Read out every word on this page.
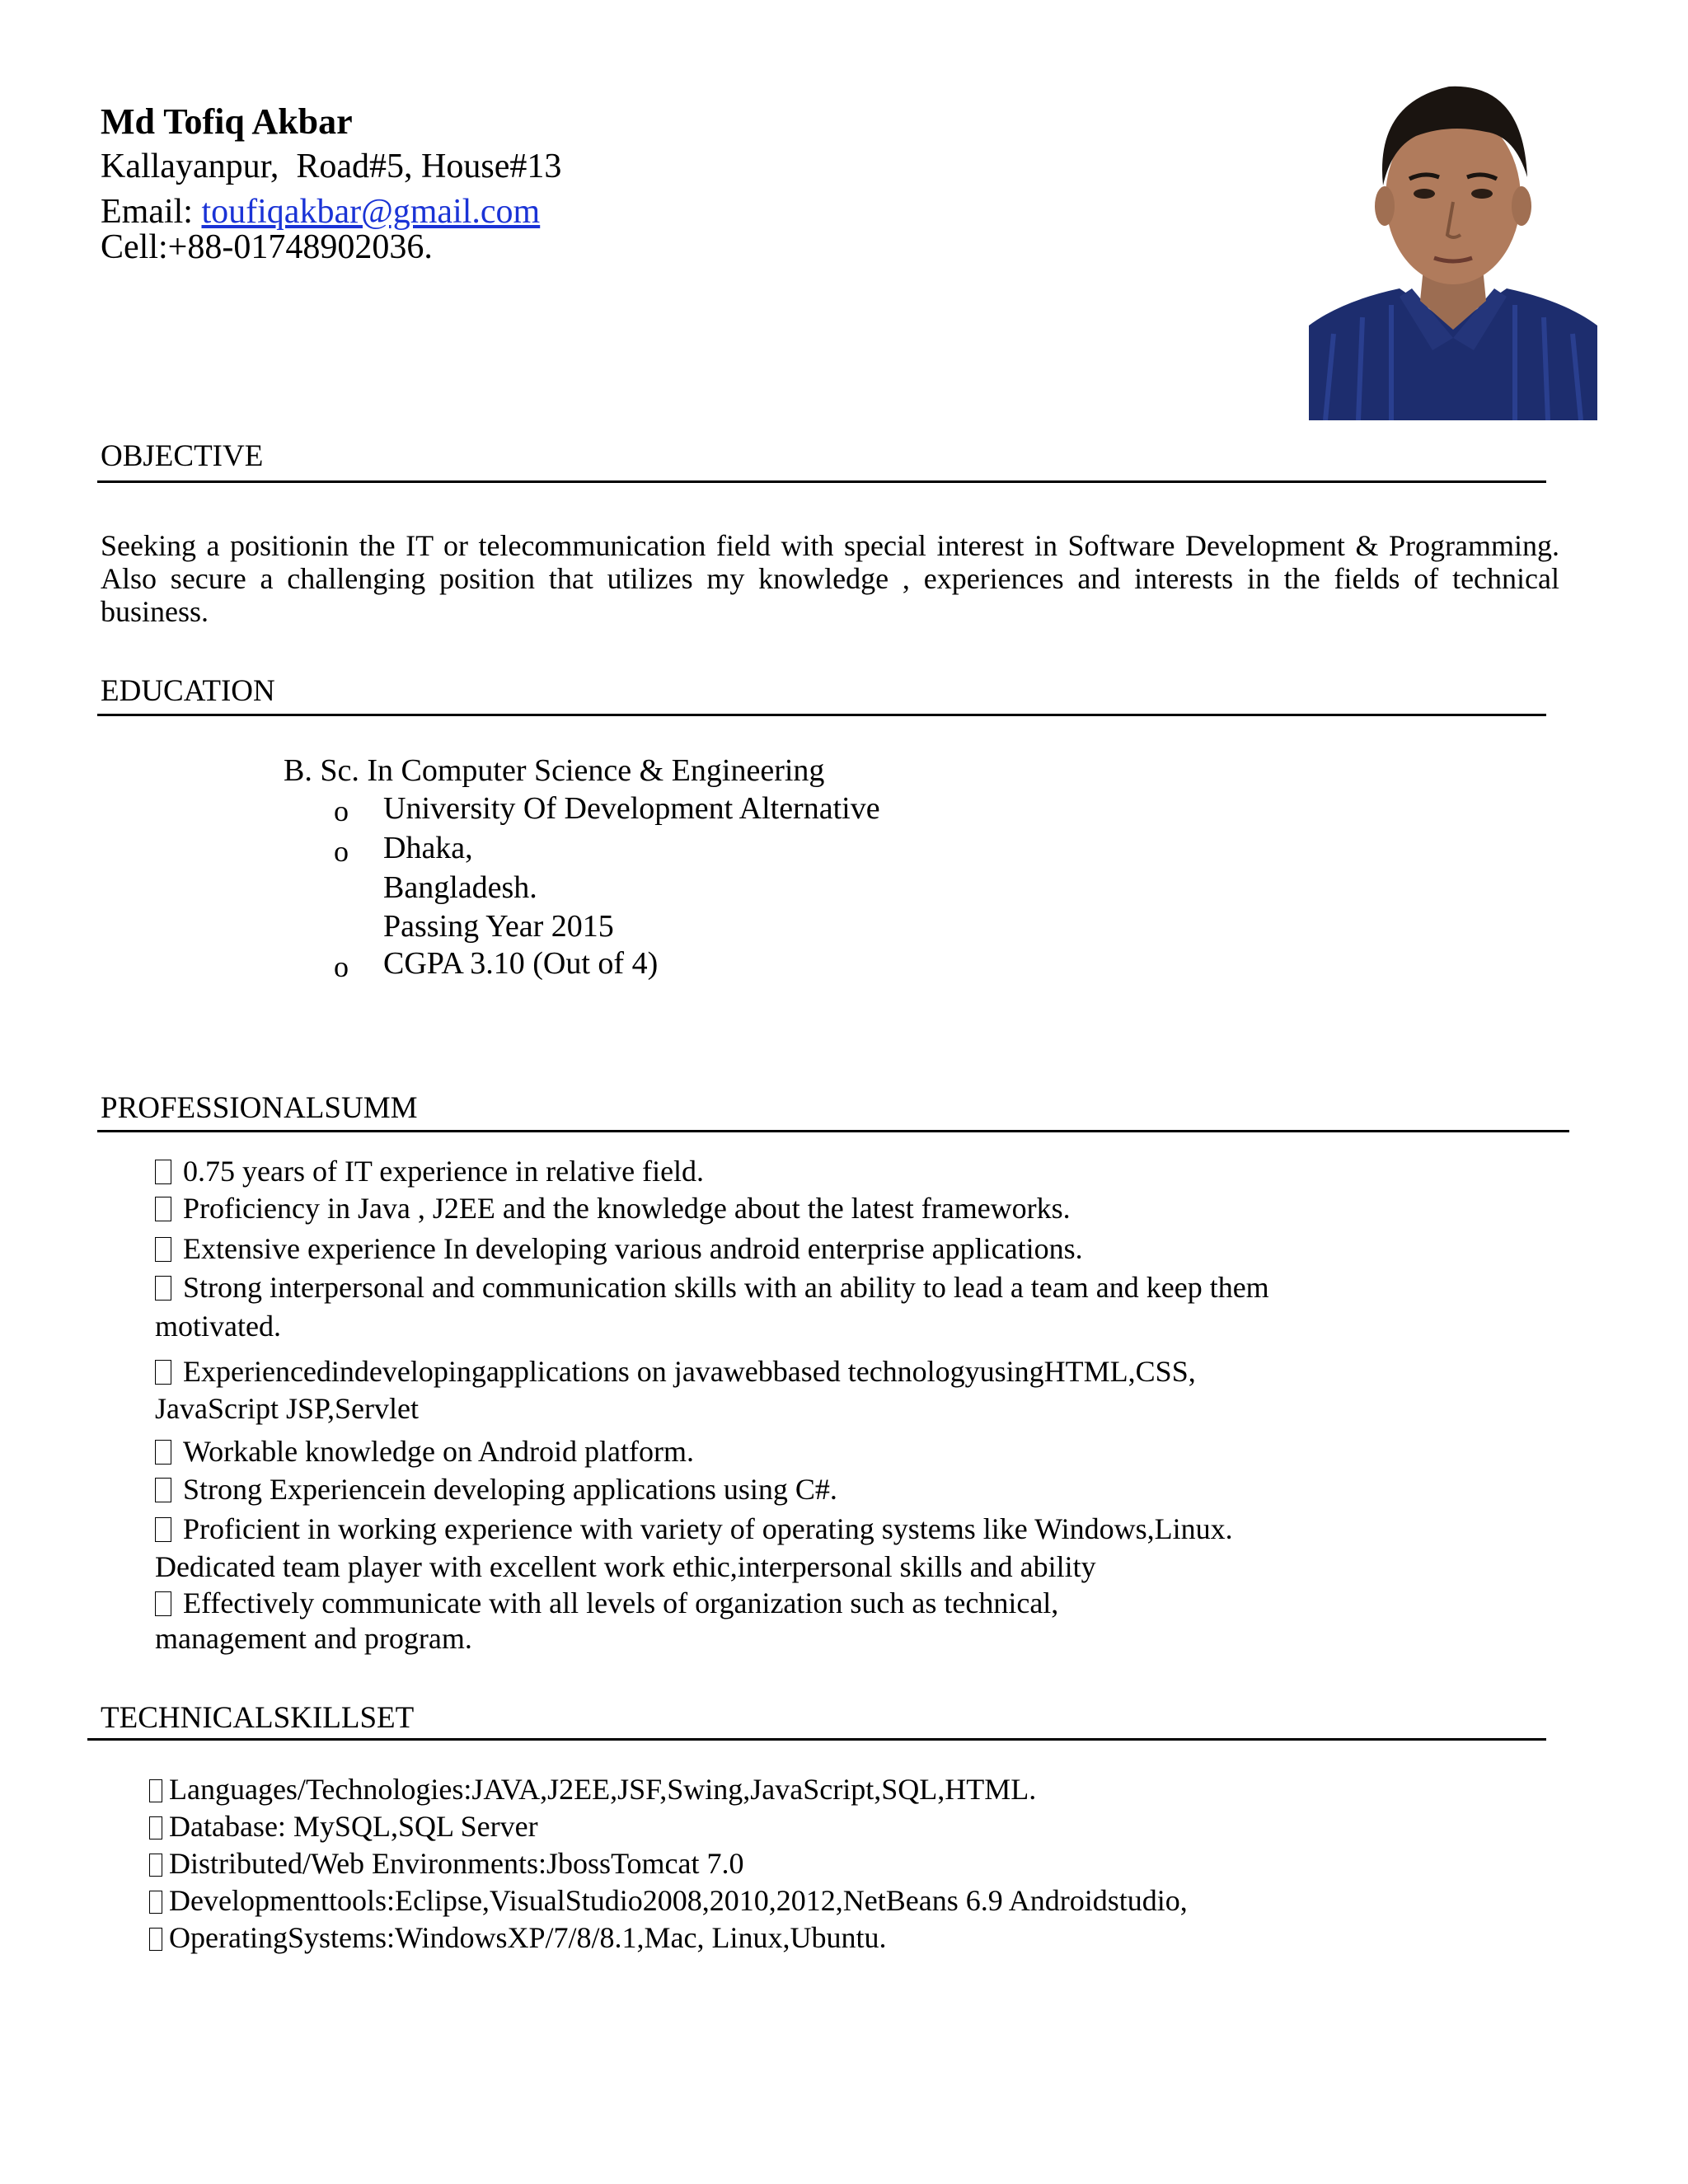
Md Tofiq Akbar
Kallayanpur,  Road#5, House#13
Email: toufiqakbar@gmail.com
Cell:+88-01748902036.
OBJECTIVE
Seeking a positionin the IT or telecommunication field with special interest in Software Development & Programming. Also secure a challenging position that utilizes my knowledge , experiences and interests in the fields of technical business.
EDUCATION
B. Sc. In Computer Science & Engineering
o University Of Development Alternative
o Dhaka,
Bangladesh.
Passing Year 2015
o CGPA 3.10 (Out of 4)
PROFESSIONALSUMM
0.75 years of IT experience in relative field.
Proficiency in Java , J2EE and the knowledge about the latest frameworks.
Extensive experience In developing various android enterprise applications.
Strong interpersonal and communication skills with an ability to lead a team and keep them
motivated.
Experiencedindevelopingapplications on javawebbased technologyusingHTML,CSS,
JavaScript JSP,Servlet
Workable knowledge on Android platform.
Strong Experiencein developing applications using C#.
Proficient in working experience with variety of operating systems like Windows,Linux.
Dedicated team player with excellent work ethic,interpersonal skills and ability
Effectively communicate with all levels of organization such as technical,
management and program.
TECHNICALSKILLSET
Languages/Technologies:JAVA,J2EE,JSF,Swing,JavaScript,SQL,HTML.
Database: MySQL,SQL Server
Distributed/Web Environments:JbossTomcat 7.0
Developmenttools:Eclipse,VisualStudio2008,2010,2012,NetBeans 6.9 Androidstudio,
OperatingSystems:WindowsXP/7/8/8.1,Mac, Linux,Ubuntu.
